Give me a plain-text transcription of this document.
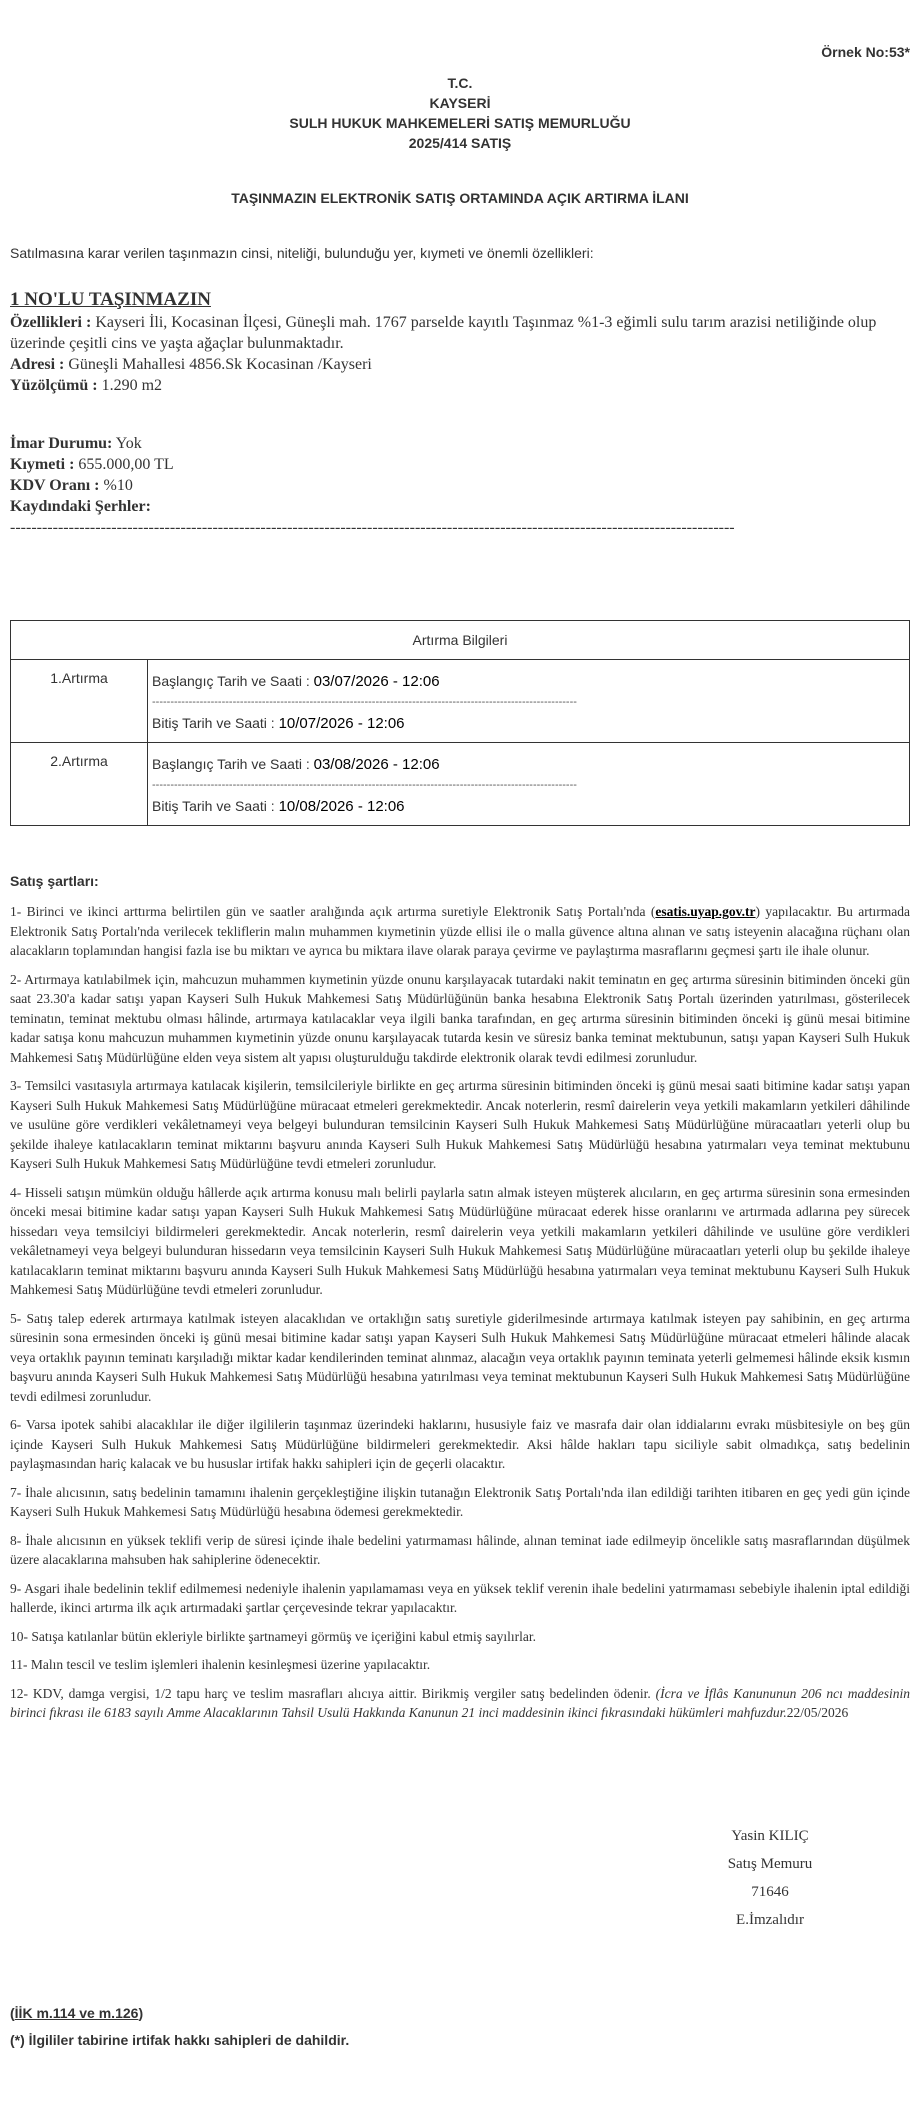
Örnek No:53*
T.C.
KAYSERİ
SULH HUKUK MAHKEMELERİ SATIŞ MEMURLUĞU
2025/414 SATIŞ
TAŞINMAZIN ELEKTRONİK SATIŞ ORTAMINDA AÇIK ARTIRMA İLANI
Satılmasına karar verilen taşınmazın cinsi, niteliği, bulunduğu yer, kıymeti ve önemli özellikleri:
1 NO'LU TAŞINMAZIN
Özellikleri : Kayseri İli, Kocasinan İlçesi, Güneşli mah. 1767 parselde kayıtlı Taşınmaz %1-3 eğimli sulu tarım arazisi netiliğinde olup üzerinde çeşitli cins ve yaşta ağaçlar bulunmaktadır.
Adresi : Güneşli Mahallesi 4856.Sk Kocasinan /Kayseri
Yüzölçümü : 1.290 m2
İmar Durumu: Yok
Kıymeti : 655.000,00 TL
KDV Oranı : %10
Kaydındaki Şerhler:
----------------------------------------------------------------------------------------------------------------------------------------
Artırma Bilgileri	
1.Artırma	Başlangıç Tarih ve Saati : 03/07/2026 - 12:06
--------------------------------------------------------------------------------------------------------------------
Bitiş Tarih ve Saati : 10/07/2026 - 12:06

2.Artırma	Başlangıç Tarih ve Saati : 03/08/2026 - 12:06
--------------------------------------------------------------------------------------------------------------------
Bitiş Tarih ve Saati : 10/08/2026 - 12:06
Satış şartları:

1- Birinci ve ikinci arttırma belirtilen gün ve saatler aralığında açık artırma suretiyle Elektronik Satış Portalı'nda (esatis.uyap.gov.tr) yapılacaktır. Bu artırmada Elektronik Satış Portalı'nda verilecek tekliflerin malın muhammen kıymetinin yüzde ellisi ile o malla güvence altına alınan ve satış isteyenin alacağına rüçhanı olan alacakların toplamından hangisi fazla ise bu miktarı ve ayrıca bu miktara ilave olarak paraya çevirme ve paylaştırma masraflarını geçmesi şartı ile ihale olunur.

2- Artırmaya katılabilmek için, mahcuzun muhammen kıymetinin yüzde onunu karşılayacak tutardaki nakit teminatın en geç artırma süresinin bitiminden önceki gün saat 23.30'a kadar satışı yapan Kayseri Sulh Hukuk Mahkemesi Satış Müdürlüğünün banka hesabına Elektronik Satış Portalı üzerinden yatırılması, gösterilecek teminatın, teminat mektubu olması hâlinde, artırmaya katılacaklar veya ilgili banka tarafından, en geç artırma süresinin bitiminden önceki iş günü mesai bitimine kadar satışa konu mahcuzun muhammen kıymetinin yüzde onunu karşılayacak tutarda kesin ve süresiz banka teminat mektubunun, satışı yapan Kayseri Sulh Hukuk Mahkemesi Satış Müdürlüğüne elden veya sistem alt yapısı oluşturulduğu takdirde elektronik olarak tevdi edilmesi zorunludur.

3- Temsilci vasıtasıyla artırmaya katılacak kişilerin, temsilcileriyle birlikte en geç artırma süresinin bitiminden önceki iş günü mesai saati bitimine kadar satışı yapan Kayseri Sulh Hukuk Mahkemesi Satış Müdürlüğüne müracaat etmeleri gerekmektedir. Ancak noterlerin, resmî dairelerin veya yetkili makamların yetkileri dâhilinde ve usulüne göre verdikleri vekâletnameyi veya belgeyi bulunduran temsilcinin Kayseri Sulh Hukuk Mahkemesi Satış Müdürlüğüne müracaatları yeterli olup bu şekilde ihaleye katılacakların teminat miktarını başvuru anında Kayseri Sulh Hukuk Mahkemesi Satış Müdürlüğü hesabına yatırmaları veya teminat mektubunu Kayseri Sulh Hukuk Mahkemesi Satış Müdürlüğüne tevdi etmeleri zorunludur.

4- Hisseli satışın mümkün olduğu hâllerde açık artırma konusu malı belirli paylarla satın almak isteyen müşterek alıcıların, en geç artırma süresinin sona ermesinden önceki mesai bitimine kadar satışı yapan Kayseri Sulh Hukuk Mahkemesi Satış Müdürlüğüne müracaat ederek hisse oranlarını ve artırmada adlarına pey sürecek hissedarı veya temsilciyi bildirmeleri gerekmektedir. Ancak noterlerin, resmî dairelerin veya yetkili makamların yetkileri dâhilinde ve usulüne göre verdikleri vekâletnameyi veya belgeyi bulunduran hissedarın veya temsilcinin Kayseri Sulh Hukuk Mahkemesi Satış Müdürlüğüne müracaatları yeterli olup bu şekilde ihaleye katılacakların teminat miktarını başvuru anında Kayseri Sulh Hukuk Mahkemesi Satış Müdürlüğü hesabına yatırmaları veya teminat mektubunu Kayseri Sulh Hukuk Mahkemesi Satış Müdürlüğüne tevdi etmeleri zorunludur.

5- Satış talep ederek artırmaya katılmak isteyen alacaklıdan ve ortaklığın satış suretiyle giderilmesinde artırmaya katılmak isteyen pay sahibinin, en geç artırma süresinin sona ermesinden önceki iş günü mesai bitimine kadar satışı yapan Kayseri Sulh Hukuk Mahkemesi Satış Müdürlüğüne müracaat etmeleri hâlinde alacak veya ortaklık payının teminatı karşıladığı miktar kadar kendilerinden teminat alınmaz, alacağın veya ortaklık payının teminata yeterli gelmemesi hâlinde eksik kısmın başvuru anında Kayseri Sulh Hukuk Mahkemesi Satış Müdürlüğü hesabına yatırılması veya teminat mektubunun Kayseri Sulh Hukuk Mahkemesi Satış Müdürlüğüne tevdi edilmesi zorunludur.

6- Varsa ipotek sahibi alacaklılar ile diğer ilgililerin taşınmaz üzerindeki haklarını, hususiyle faiz ve masrafa dair olan iddialarını evrakı müsbitesiyle on beş gün içinde Kayseri Sulh Hukuk Mahkemesi Satış Müdürlüğüne bildirmeleri gerekmektedir. Aksi hâlde hakları tapu siciliyle sabit olmadıkça, satış bedelinin paylaşmasından hariç kalacak ve bu hususlar irtifak hakkı sahipleri için de geçerli olacaktır.

7- İhale alıcısının, satış bedelinin tamamını ihalenin gerçekleştiğine ilişkin tutanağın Elektronik Satış Portalı'nda ilan edildiği tarihten itibaren en geç yedi gün içinde Kayseri Sulh Hukuk Mahkemesi Satış Müdürlüğü hesabına ödemesi gerekmektedir.

8- İhale alıcısının en yüksek teklifi verip de süresi içinde ihale bedelini yatırmaması hâlinde, alınan teminat iade edilmeyip öncelikle satış masraflarından düşülmek üzere alacaklarına mahsuben hak sahiplerine ödenecektir.

9- Asgari ihale bedelinin teklif edilmemesi nedeniyle ihalenin yapılamaması veya en yüksek teklif verenin ihale bedelini yatırmaması sebebiyle ihalenin iptal edildiği hallerde, ikinci artırma ilk açık artırmadaki şartlar çerçevesinde tekrar yapılacaktır.

10- Satışa katılanlar bütün ekleriyle birlikte şartnameyi görmüş ve içeriğini kabul etmiş sayılırlar.

11- Malın tescil ve teslim işlemleri ihalenin kesinleşmesi üzerine yapılacaktır.

12- KDV, damga vergisi, 1/2 tapu harç ve teslim masrafları alıcıya aittir. Birikmiş vergiler satış bedelinden ödenir. (İcra ve İflâs Kanununun 206 ncı maddesinin birinci fıkrası ile 6183 sayılı Amme Alacaklarının Tahsil Usulü Hakkında Kanunun 21 inci maddesinin ikinci fıkrasındaki hükümleri mahfuzdur.22/05/2026

Yasin KILIÇ
Satış Memuru
71646
E.İmzalıdır
(İİK m.114 ve m.126)
(*) İlgililer tabirine irtifak hakkı sahipleri de dahildir.
